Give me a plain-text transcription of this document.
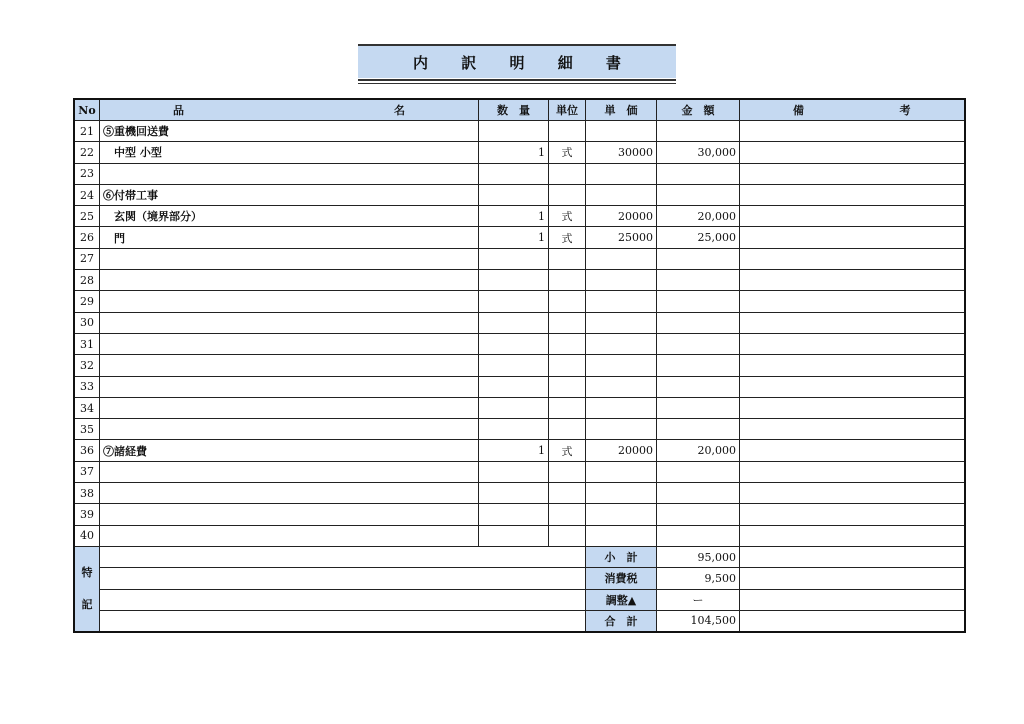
内 訳 明 細 書
No	品 名	数　量	単位	単　価	金　額	備 考

21	⑤重機回送費					
22	中型 小型	1	式	30000	30,000	
23						
24	⑥付帯工事					
25	玄関（境界部分）	1	式	20000	20,000	
26	門	1	式	25000	25,000	
27						
28						
29						
30						
31						
32						
33						
34						
35						
36	⑦諸経費	1	式	20000	20,000	
37						
38						
39						
40						

特
記				小　計	95,000	
				消費税	9,500	
				調整▲	ー	
				合　計	104,500	
